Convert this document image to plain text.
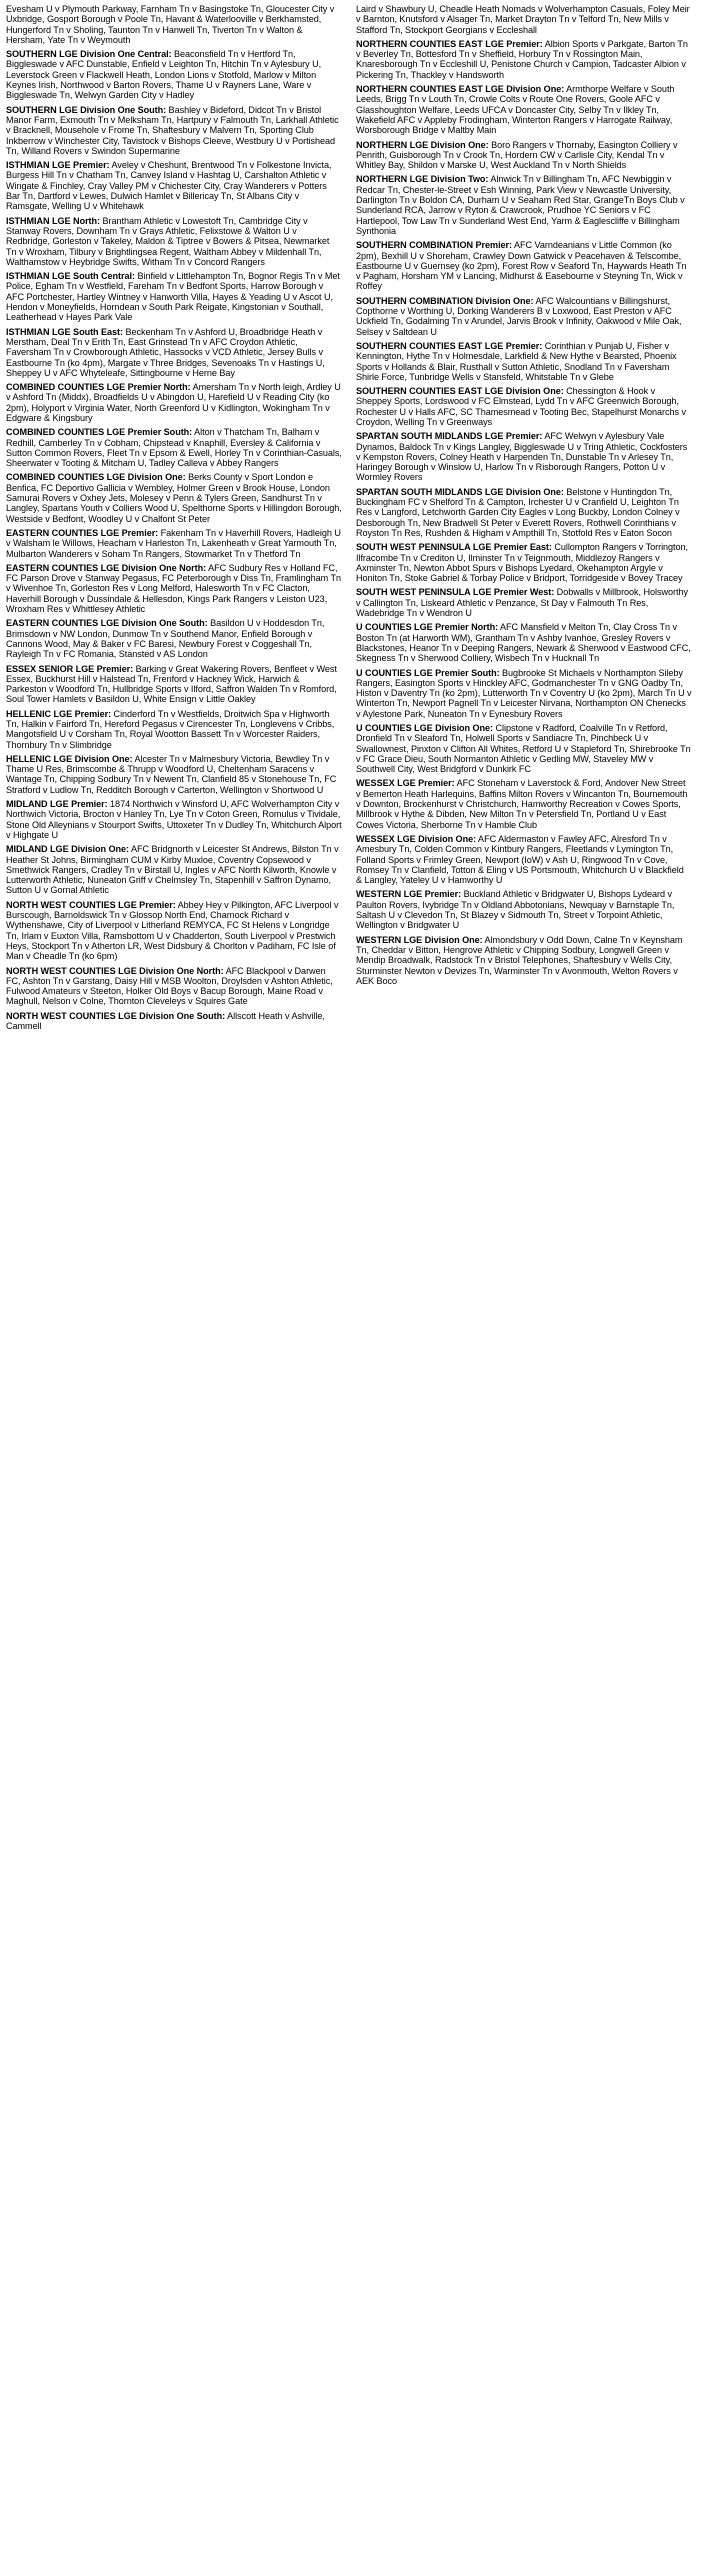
Evesham U v Plymouth Parkway, Farnham Tn v Basingstoke Tn, Gloucester City v Uxbridge, Gosport Borough v Poole Tn, Havant & Waterlooville v Berkhamsted, Hungerford Tn v Sholing, Taunton Tn v Hanwell Tn, Tiverton Tn v Walton & Hersham, Yate Tn v Weymouth
SOUTHERN LGE Division One Central: Beaconsfield Tn v Hertford Tn, Biggleswade v AFC Dunstable, Enfield v Leighton Tn, Hitchin Tn v Aylesbury U, Leverstock Green v Flackwell Heath, London Lions v Stotfold, Marlow v Milton Keynes Irish, Northwood v Barton Rovers, Thame U v Rayners Lane, Ware v Biggleswade Tn, Welwyn Garden City v Hadley
SOUTHERN LGE Division One South: Bashley v Bideford, Didcot Tn v Bristol Manor Farm, Exmouth Tn v Melksham Tn, Hartpury v Falmouth Tn, Larkhall Athletic v Bracknell, Mousehole v Frome Tn, Shaftesbury v Malvern Tn, Sporting Club Inkberrow v Winchester City, Tavistock v Bishops Cleeve, Westbury U v Portishead Tn, Willand Rovers v Swindon Supermarine
ISTHMIAN LGE Premier: Aveley v Cheshunt, Brentwood Tn v Folkestone Invicta, Burgess Hill Tn v Chatham Tn, Canvey Island v Hashtag U, Carshalton Athletic v Wingate & Finchley, Cray Valley PM v Chichester City, Cray Wanderers v Potters Bar Tn, Dartford v Lewes, Dulwich Hamlet v Billericay Tn, St Albans City v Ramsgate, Welling U v Whitehawk
ISTHMIAN LGE North: Brantham Athletic v Lowestoft Tn, Cambridge City v Stanway Rovers, Downham Tn v Grays Athletic, Felixstowe & Walton U v Redbridge, Gorleston v Takeley, Maldon & Tiptree v Bowers & Pitsea, Newmarket Tn v Wroxham, Tilbury v Brightlingsea Regent, Waltham Abbey v Mildenhall Tn, Walthamstow v Heybridge Swifts, Witham Tn v Concord Rangers
ISTHMIAN LGE South Central: Binfield v Littlehampton Tn, Bognor Regis Tn v Met Police, Egham Tn v Westfield, Fareham Tn v Bedfont Sports, Harrow Borough v AFC Portchester, Hartley Wintney v Hanworth Villa, Hayes & Yeading U v Ascot U, Hendon v Moneyfields, Horndean v South Park Reigate, Kingstonian v Southall, Leatherhead v Hayes Park Vale
ISTHMIAN LGE South East: Beckenham Tn v Ashford U, Broadbridge Heath v Merstham, Deal Tn v Erith Tn, East Grinstead Tn v AFC Croydon Athletic, Faversham Tn v Crowborough Athletic, Hassocks v VCD Athletic, Jersey Bulls v Eastbourne Tn (ko 4pm), Margate v Three Bridges, Sevenoaks Tn v Hastings U, Sheppey U v AFC Whyteleafe, Sittingbourne v Herne Bay
COMBINED COUNTIES LGE Premier North: Amersham Tn v North leigh, Ardley U v Ashford Tn (Middx), Broadfields U v Abingdon U, Harefield U v Reading City (ko 2pm), Holyport v Virginia Water, North Greenford U v Kidlington, Wokingham Tn v Edgware & Kingsbury
COMBINED COUNTIES LGE Premier South: Alton v Thatcham Tn, Balham v Redhill, Camberley Tn v Cobham, Chipstead v Knaphill, Eversley & California v Sutton Common Rovers, Fleet Tn v Epsom & Ewell, Horley Tn v Corinthian-Casuals, Sheerwater v Tooting & Mitcham U, Tadley Calleva v Abbey Rangers
COMBINED COUNTIES LGE Division One: Berks County v Sport London e Benfica, FC Deportivo Gallicia v Wembley, Holmer Green v Brook House, London Samurai Rovers v Oxhey Jets, Molesey v Penn & Tylers Green, Sandhurst Tn v Langley, Spartans Youth v Colliers Wood U, Spelthorne Sports v Hillingdon Borough, Westside v Bedfont, Woodley U v Chalfont St Peter
EASTERN COUNTIES LGE Premier: Fakenham Tn v Haverhill Rovers, Hadleigh U v Walsham le Willows, Heacham v Harleston Tn, Lakenheath v Great Yarmouth Tn, Mulbarton Wanderers v Soham Tn Rangers, Stowmarket Tn v Thetford Tn
EASTERN COUNTIES LGE Division One North: AFC Sudbury Res v Holland FC, FC Parson Drove v Stanway Pegasus, FC Peterborough v Diss Tn, Framlingham Tn v Wivenhoe Tn, Gorleston Res v Long Melford, Halesworth Tn v FC Clacton, Haverhill Borough v Dussindale & Hellesdon, Kings Park Rangers v Leiston U23, Wroxham Res v Whittlesey Athletic
EASTERN COUNTIES LGE Division One South: Basildon U v Hoddesdon Tn, Brimsdown v NW London, Dunmow Tn v Southend Manor, Enfield Borough v Cannons Wood, May & Baker v FC Baresi, Newbury Forest v Coggeshall Tn, Rayleigh Tn v FC Romania, Stansted v AS London
ESSEX SENIOR LGE Premier: Barking v Great Wakering Rovers, Benfleet v West Essex, Buckhurst Hill v Halstead Tn, Frenford v Hackney Wick, Harwich & Parkeston v Woodford Tn, Hullbridge Sports v Ilford, Saffron Walden Tn v Romford, Soul Tower Hamlets v Basildon U, White Ensign v Little Oakley
HELLENIC LGE Premier: Cinderford Tn v Westfields, Droitwich Spa v Highworth Tn, Halkin v Fairford Tn, Hereford Pegasus v Cirencester Tn, Longlevens v Cribbs, Mangotsfield U v Corsham Tn, Royal Wootton Bassett Tn v Worcester Raiders, Thornbury Tn v Slimbridge
HELLENIC LGE Division One: Alcester Tn v Malmesbury Victoria, Bewdley Tn v Thame U Res, Brimscombe & Thrupp v Woodford U, Cheltenham Saracens v Wantage Tn, Chipping Sodbury Tn v Newent Tn, Clanfield 85 v Stonehouse Tn, FC Stratford v Ludlow Tn, Redditch Borough v Carterton, Wellington v Shortwood U
MIDLAND LGE Premier: 1874 Northwich v Winsford U, AFC Wolverhampton City v Northwich Victoria, Brocton v Hanley Tn, Lye Tn v Coton Green, Romulus v Tividale, Stone Old Alleynians v Stourport Swifts, Uttoxeter Tn v Dudley Tn, Whitchurch Alport v Highgate U
MIDLAND LGE Division One: AFC Bridgnorth v Leicester St Andrews, Bilston Tn v Heather St Johns, Birmingham CUM v Kirby Muxloe, Coventry Copsewood v Smethwick Rangers, Cradley Tn v Birstall U, Ingles v AFC North Kilworth, Knowle v Lutterworth Athletic, Nuneaton Griff v Chelmsley Tn, Stapenhill v Saffron Dynamo, Sutton U v Gornal Athletic
NORTH WEST COUNTIES LGE Premier: Abbey Hey v Pilkington, AFC Liverpool v Burscough, Barnoldswick Tn v Glossop North End, Charnock Richard v Wythenshawe, City of Liverpool v Litherland REMYCA, FC St Helens v Longridge Tn, Irlam v Euxton Villa, Ramsbottom U v Chadderton, South Liverpool v Prestwich Heys, Stockport Tn v Atherton LR, West Didsbury & Chorlton v Padiham, FC Isle of Man v Cheadle Tn (ko 6pm)
NORTH WEST COUNTIES LGE Division One North: AFC Blackpool v Darwen FC, Ashton Tn v Garstang, Daisy Hill v MSB Woolton, Droylsden v Ashton Athletic, Fulwood Amateurs v Steeton, Holker Old Boys v Bacup Borough, Maine Road v Maghull, Nelson v Colne, Thornton Cleveleys v Squires Gate
NORTH WEST COUNTIES LGE Division One South: Allscott Heath v Ashville, Cammell
Laird v Shawbury U, Cheadle Heath Nomads v Wolverhampton Casuals, Foley Meir v Barnton, Knutsford v Alsager Tn, Market Drayton Tn v Telford Tn, New Mills v Stafford Tn, Stockport Georgians v Eccleshall
NORTHERN COUNTIES EAST LGE Premier: Albion Sports v Parkgate, Barton Tn v Beverley Tn, Bottesford Tn v Sheffield, Horbury Tn v Rossington Main, Knaresborough Tn v Eccleshill U, Penistone Church v Campion, Tadcaster Albion v Pickering Tn, Thackley v Handsworth
NORTHERN COUNTIES EAST LGE Division One: Armthorpe Welfare v South Leeds, Brigg Tn v Louth Tn, Crowle Colts v Route One Rovers, Goole AFC v Glasshoughton Welfare, Leeds UFCA v Doncaster City, Selby Tn v Ilkley Tn, Wakefield AFC v Appleby Frodingham, Winterton Rangers v Harrogate Railway, Worsborough Bridge v Maltby Main
NORTHERN LGE Division One: Boro Rangers v Thornaby, Easington Colliery v Penrith, Guisborough Tn v Crook Tn, Hordern CW v Carlisle City, Kendal Tn v Whitley Bay, Shildon v Marske U, West Auckland Tn v North Shields
NORTHERN LGE Division Two: Alnwick Tn v Billingham Tn, AFC Newbiggin v Redcar Tn, Chester-le-Street v Esh Winning, Park View v Newcastle University, Darlington Tn v Boldon CA, Durham U v Seaham Red Star, GrangeTn Boys Club v Sunderland RCA, Jarrow v Ryton & Crawcrook, Prudhoe YC Seniors v FC Hartlepool, Tow Law Tn v Sunderland West End, Yarm & Eaglescliffe v Billingham Synthonia
SOUTHERN COMBINATION Premier: AFC Varndeanians v Little Common (ko 2pm), Bexhill U v Shoreham, Crawley Down Gatwick v Peacehaven & Telscombe, Eastbourne U v Guernsey (ko 2pm), Forest Row v Seaford Tn, Haywards Heath Tn v Pagham, Horsham YM v Lancing, Midhurst & Easebourne v Steyning Tn, Wick v Roffey
SOUTHERN COMBINATION Division One: AFC Walcountians v Billingshurst, Copthorne v Worthing U, Dorking Wanderers B v Loxwood, East Preston v AFC Uckfield Tn, Godalming Tn v Arundel, Jarvis Brook v Infinity, Oakwood v Mile Oak, Selsey v Saltdean U
SOUTHERN COUNTIES EAST LGE Premier: Corinthian v Punjab U, Fisher v Kennington, Hythe Tn v Holmesdale, Larkfield & New Hythe v Bearsted, Phoenix Sports v Hollands & Blair, Rusthall v Sutton Athletic, Snodland Tn v Faversham Shirle Force, Tunbridge Wells v Stansfeld, Whitstable Tn v Glebe
SOUTHERN COUNTIES EAST LGE Division One: Chessington & Hook v Sheppey Sports, Lordswood v FC Elmstead, Lydd Tn v AFC Greenwich Borough, Rochester U v Halls AFC, SC Thamesmead v Tooting Bec, Stapelhurst Monarchs v Croydon, Welling Tn v Greenways
SPARTAN SOUTH MIDLANDS LGE Premier: AFC Welwyn v Aylesbury Vale Dynamos, Baldock Tn v Kings Langley, Biggleswade U v Tring Athletic, Cockfosters v Kempston Rovers, Colney Heath v Harpenden Tn, Dunstable Tn v Arlesey Tn, Haringey Borough v Winslow U, Harlow Tn v Risborough Rangers, Potton U v Wormley Rovers
SPARTAN SOUTH MIDLANDS LGE Division One: Belstone v Huntingdon Tn, Buckingham FC v Shelford Tn & Campton, Irchester U v Cranfield U, Leighton Tn Res v Langford, Letchworth Garden City Eagles v Long Buckby, London Colney v Desborough Tn, New Bradwell St Peter v Everett Rovers, Rothwell Corinthians v Royston Tn Res, Rushden & Higham v Ampthill Tn, Stotfold Res v Eaton Socon
SOUTH WEST PENINSULA LGE Premier East: Cullompton Rangers v Torrington, Ilfracombe Tn v Crediton U, Ilminster Tn v Teignmouth, Middlezoy Rangers v Axminster Tn, Newton Abbot Spurs v Bishops Lyedard, Okehampton Argyle v Honiton Tn, Stoke Gabriel & Torbay Police v Bridport, Torridgeside v Bovey Tracey
SOUTH WEST PENINSULA LGE Premier West: Dobwalls v Millbrook, Holsworthy v Callington Tn, Liskeard Athletic v Penzance, St Day v Falmouth Tn Res, Wadebridge Tn v Wendron U
U COUNTIES LGE Premier North: AFC Mansfield v Melton Tn, Clay Cross Tn v Boston Tn (at Harworth WM), Grantham Tn v Ashby Ivanhoe, Gresley Rovers v Blackstones, Heanor Tn v Deeping Rangers, Newark & Sherwood v Eastwood CFC, Skegness Tn v Sherwood Colliery, Wisbech Tn v Hucknall Tn
U COUNTIES LGE Premier South: Bugbrooke St Michaels v Northampton Sileby Rangers, Easington Sports v Hinckley AFC, Godmanchester Tn v GNG Oadby Tn, Histon v Daventry Tn (ko 2pm), Lutterworth Tn v Coventry U (ko 2pm), March Tn U v Winterton Tn, Newport Pagnell Tn v Leicester Nirvana, Northampton ON Chenecks v Aylestone Park, Nuneaton Tn v Eynesbury Rovers
U COUNTIES LGE Division One: Clipstone v Radford, Coalville Tn v Retford, Dronfield Tn v Sleaford Tn, Holwell Sports v Sandiacre Tn, Pinchbeck U v Swallownest, Pinxton v Clifton All Whites, Retford U v Stapleford Tn, Shirebrooke Tn v FC Grace Dieu, South Normanton Athletic v Gedling MW, Staveley MW v Southwell City, West Bridgford v Dunkirk FC
WESSEX LGE Premier: AFC Stoneham v Laverstock & Ford, Andover New Street v Bemerton Heath Harlequins, Baffins Milton Rovers v Wincanton Tn, Bournemouth v Downton, Brockenhurst v Christchurch, Hamworthy Recreation v Cowes Sports, Millbrook v Hythe & Dibden, New Milton Tn v Petersfield Tn, Portland U v East Cowes Victoria, Sherborne Tn v Hamble Club
WESSEX LGE Division One: AFC Aldermaston v Fawley AFC, Alresford Tn v Amesbury Tn, Colden Common v Kintbury Rangers, Fleetlands v Lymington Tn, Folland Sports v Frimley Green, Newport (IoW) v Ash U, Ringwood Tn v Cove, Romsey Tn v Clanfield, Totton & Eling v US Portsmouth, Whitchurch U v Blackfield & Langley, Yateley U v Hamworthy U
WESTERN LGE Premier: Buckland Athletic v Bridgwater U, Bishops Lydeard v Paulton Rovers, Ivybridge Tn v Oldland Abbotonians, Newquay v Barnstaple Tn, Saltash U v Clevedon Tn, St Blazey v Sidmouth Tn, Street v Torpoint Athletic, Wellington v Bridgwater U
WESTERN LGE Division One: Almondsbury v Odd Down, Calne Tn v Keynsham Tn, Cheddar v Bitton, Hengrove Athletic v Chipping Sodbury, Longwell Green v Mendip Broadwalk, Radstock Tn v Bristol Telephones, Shaftesbury v Wells City, Sturminster Newton v Devizes Tn, Warminster Tn v Avonmouth, Welton Rovers v AEK Boco
